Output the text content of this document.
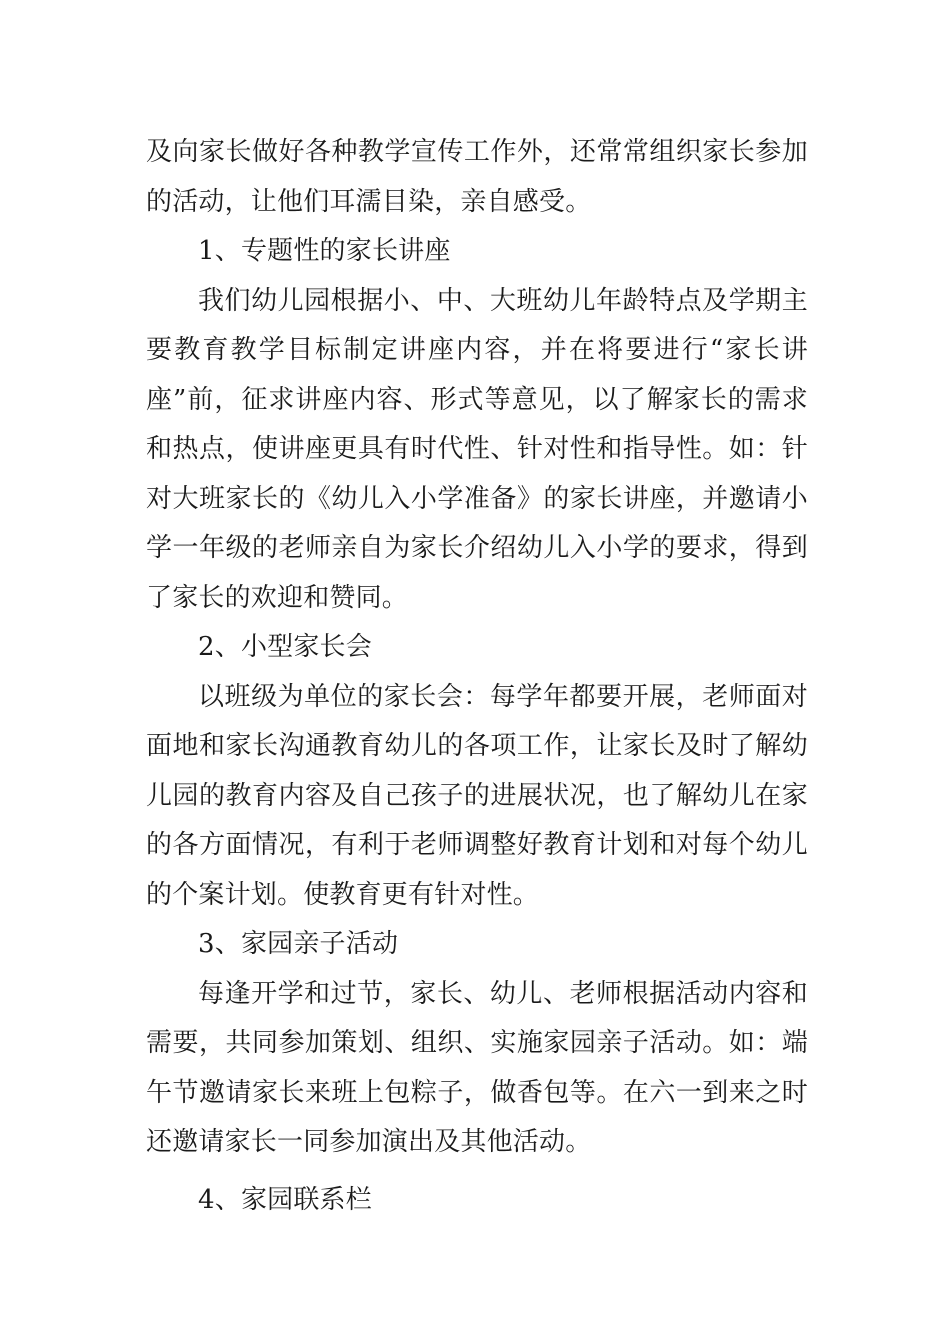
及向家长做好各种教学宣传工作外，还常常组织家长参加的活动，让他们耳濡目染，亲自感受。

1、专题性的家长讲座

我们幼儿园根据小、中、大班幼儿年龄特点及学期主要教育教学目标制定讲座内容，并在将要进行“家长讲座”前，征求讲座内容、形式等意见，以了解家长的需求和热点，使讲座更具有时代性、针对性和指导性。如：针对大班家长的《幼儿入小学准备》的家长讲座，并邀请小学一年级的老师亲自为家长介绍幼儿入小学的要求，得到了家长的欢迎和赞同。

2、小型家长会

以班级为单位的家长会：每学年都要开展，老师面对面地和家长沟通教育幼儿的各项工作，让家长及时了解幼儿园的教育内容及自己孩子的进展状况，也了解幼儿在家的各方面情况，有利于老师调整好教育计划和对每个幼儿的个案计划。使教育更有针对性。

3、家园亲子活动

每逢开学和过节，家长、幼儿、老师根据活动内容和需要，共同参加策划、组织、实施家园亲子活动。如：端午节邀请家长来班上包粽子，做香包等。在六一到来之时还邀请家长一同参加演出及其他活动。

4、家园联系栏
